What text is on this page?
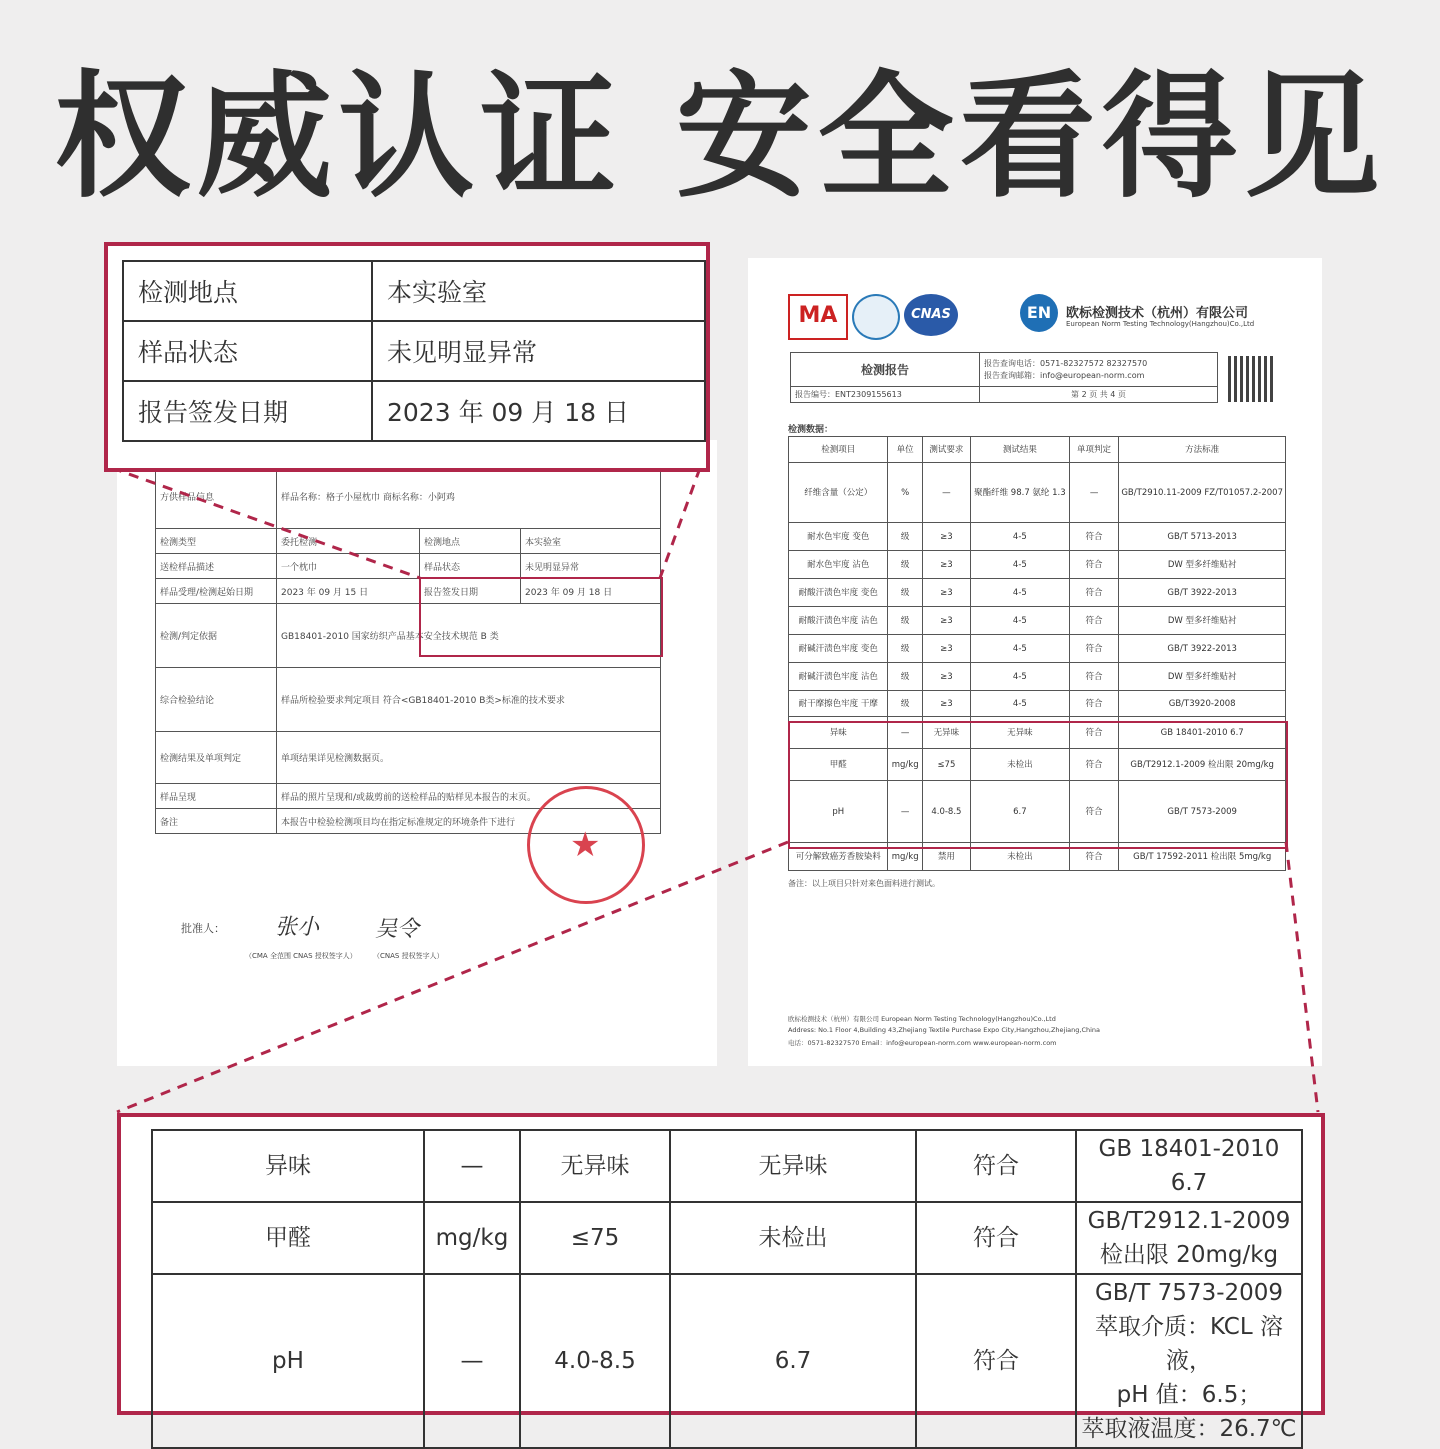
权威认证 安全看得见
方供样品信息	样品名称：格子小屋枕巾 商标名称：小阿鸡		
检测类型	委托检测	检测地点	本实验室
送检样品描述	一个枕巾	样品状态	未见明显异常
样品受理/检测起始日期	2023 年 09 月 15 日	报告签发日期	2023 年 09 月 18 日
检测/判定依据	GB18401-2010 国家纺织产品基本安全技术规范 B 类		
综合检验结论	样品所检验要求判定项目 符合<GB18401-2010 B类>标准的技术要求		
检测结果及单项判定	单项结果详见检测数据页。		
样品呈现	样品的照片呈现和/或裁剪前的送检样品的贴样见本报告的末页。		
备注	本报告中检验检测项目均在指定标准规定的环境条件下进行		
★
批准人： 张小	吴令
（CMA 全范围 CNAS 授权签字人） （CNAS 授权签字人）
MA	CNAS	EN	欧标检测技术（杭州）有限公司
European Norm Testing Technology(Hangzhou)Co.,Ltd
检测报告	报告查询电话：0571-82327572 82327570
报告查询邮箱：info@european-norm.com

报告编号：ENT2309155613	第 2 页 共 4 页
检测数据：
检测项目	单位	测试要求	测试结果	单项判定	方法标准
纤维含量（公定）	%	—	聚酯纤维 98.7 氨纶 1.3	—	GB/T2910.11-2009 FZ/T01057.2-2007
耐水色牢度 变色	级	≥3	4-5	符合	GB/T 5713-2013
耐水色牢度 沾色	级	≥3	4-5	符合	DW 型多纤维贴衬
耐酸汗渍色牢度 变色	级	≥3	4-5	符合	GB/T 3922-2013
耐酸汗渍色牢度 沾色	级	≥3	4-5	符合	DW 型多纤维贴衬
耐碱汗渍色牢度 变色	级	≥3	4-5	符合	GB/T 3922-2013
耐碱汗渍色牢度 沾色	级	≥3	4-5	符合	DW 型多纤维贴衬
耐干摩擦色牢度 干摩	级	≥3	4-5	符合	GB/T3920-2008
异味	—	无异味	无异味	符合	GB 18401-2010 6.7
甲醛	mg/kg	≤75	未检出	符合	GB/T2912.1-2009 检出限 20mg/kg
pH	—	4.0-8.5	6.7	符合	GB/T 7573-2009
可分解致癌芳香胺染料	mg/kg	禁用	未检出	符合	GB/T 17592-2011 检出限 5mg/kg
备注：以上项目只针对来色面料进行测试。
欧标检测技术（杭州）有限公司 European Norm Testing Technology(Hangzhou)Co.,Ltd
Address: No.1 Floor 4,Building 43,Zhejiang Textile Purchase Expo City,Hangzhou,Zhejiang,China
电话：0571-82327570 Email：info@european-norm.com www.european-norm.com
检测地点	本实验室
样品状态	未见明显异常
报告签发日期	2023 年 09 月 18 日
异味	—	无异味	无异味	符合	GB 18401-2010
6.7

甲醛	mg/kg	≤75	未检出	符合	GB/T2912.1-2009
检出限 20mg/kg

pH	—	4.0-8.5	6.7	符合	GB/T 7573-2009
萃取介质：KCL 溶液，
pH 值：6.5；
萃取液温度：26.7℃
